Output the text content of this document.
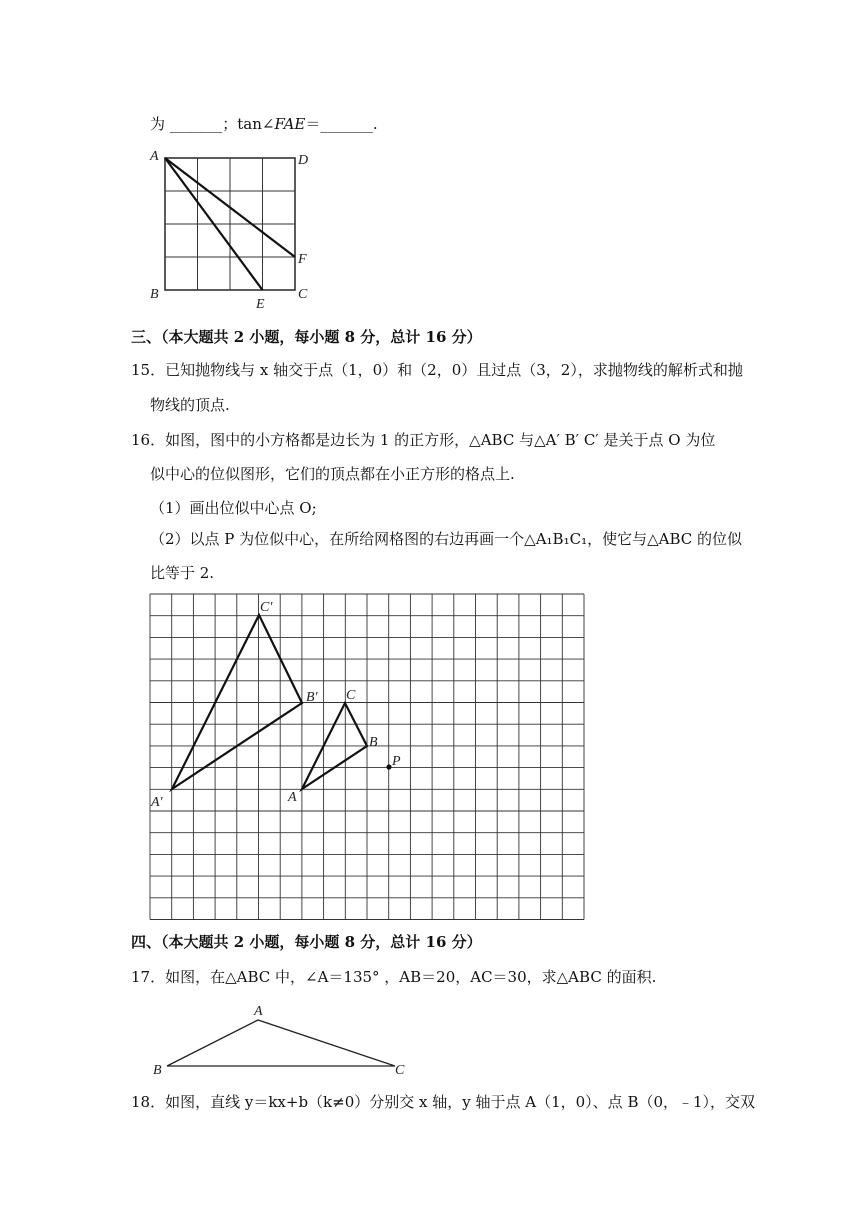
为 _______；tan∠FAE＝_______.
A	D
F
B
E
C
三、（本大题共 2 小题，每小题 8 分，总计 16 分）
15．已知抛物线与 x 轴交于点（1，0）和（2，0）且过点（3，2），求抛物线的解析式和抛
物线的顶点.
16．如图，图中的小方格都是边长为 1 的正方形，△ABC 与△A′ B′ C′ 是关于点 O 为位
似中心的位似图形，它们的顶点都在小正方形的格点上.
（1）画出位似中心点 O;
（2）以点 P 为位似中心，在所给网格图的右边再画一个△A₁B₁C₁，使它与△ABC 的位似
比等于 2.
C′
B′
A′
C
B
A
P
四、（本大题共 2 小题，每小题 8 分，总计 16 分）
17．如图，在△ABC 中，∠A＝135° ，AB＝20，AC＝30，求△ABC 的面积.
A
B	C
18．如图，直线 y＝kx+b（k≠0）分别交 x 轴，y 轴于点 A（1，0）、点 B（0，﹣1），交双
